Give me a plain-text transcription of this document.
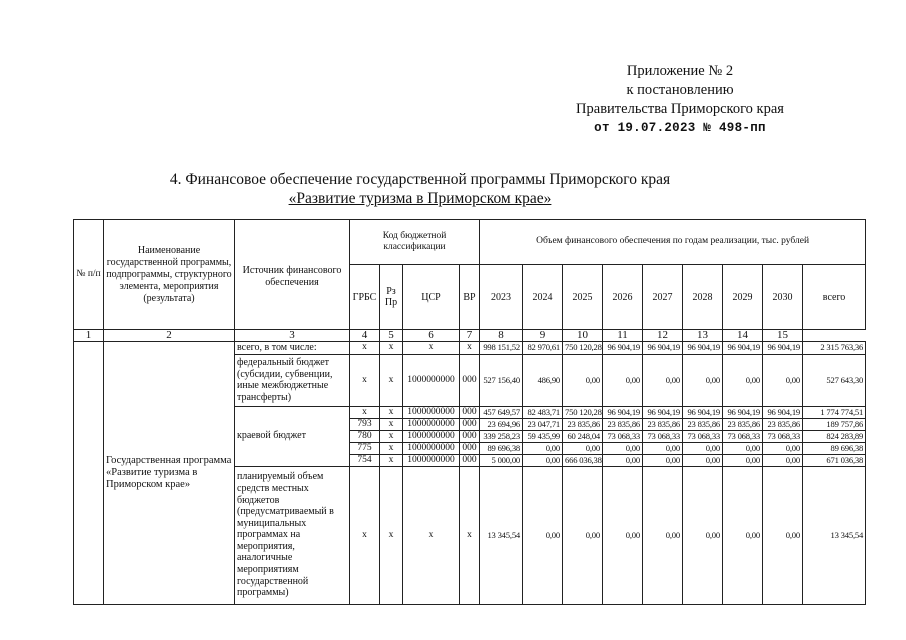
Приложение № 2
к постановлению
Правительства Приморского края
от 19.07.2023 № 498-пп
4. Финансовое обеспечение государственной программы Приморского края
«Развитие туризма в Приморском крае»
№ п/п	Наименование государственной программы, подпрограммы, структурного элемента, мероприятия (результата)	Источник финансового обеспечения	Код бюджетной классификации				Объем финансового обеспечения по годам реализации, тыс. рублей								
			ГРБС	Рз Пр	ЦСР	ВР	2023	2024	2025	2026	2027	2028	2029	2030	всего
1	2	3	4	5	6	7	8	9	10	11	12	13	14	15	
	Государственная программа «Развитие туризма в Приморском крае»	всего, в том числе:	x	x	x	x	998 151,52	82 970,61	750 120,28	96 904,19	96 904,19	96 904,19	96 904,19	96 904,19	2 315 763,36
		федеральный бюджет (субсидии, субвенции, иные межбюджетные трансферты)	x	x	1000000000	000	527 156,40	486,90	0,00	0,00	0,00	0,00	0,00	0,00	527 643,30
		краевой бюджет	x	x	1000000000	000	457 649,57	82 483,71	750 120,28	96 904,19	96 904,19	96 904,19	96 904,19	96 904,19	1 774 774,51
			793	x	1000000000	000	23 694,96	23 047,71	23 835,86	23 835,86	23 835,86	23 835,86	23 835,86	23 835,86	189 757,86
			780	x	1000000000	000	339 258,23	59 435,99	60 248,04	73 068,33	73 068,33	73 068,33	73 068,33	73 068,33	824 283,89
			775	x	1000000000	000	89 696,38	0,00	0,00	0,00	0,00	0,00	0,00	0,00	89 696,38
			754	x	1000000000	000	5 000,00	0,00	666 036,38	0,00	0,00	0,00	0,00	0,00	671 036,38
		планируемый объем средств местных бюджетов (предусматриваемый в муниципальных программах на мероприятия, аналогичные мероприятиям государственной программы)	x	x	x	x	13 345,54	0,00	0,00	0,00	0,00	0,00	0,00	0,00	13 345,54
